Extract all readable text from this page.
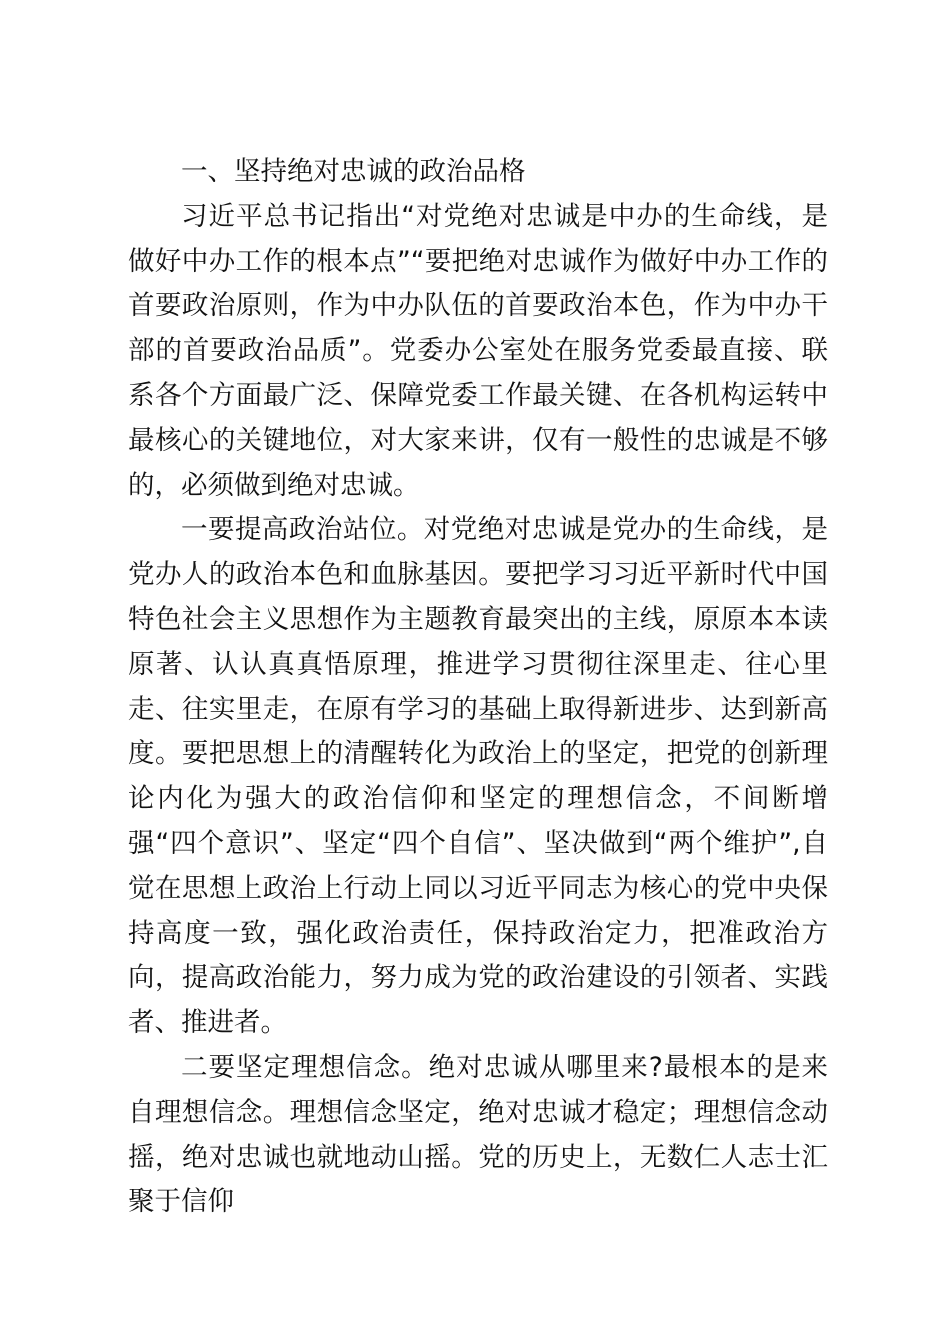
一、坚持绝对忠诚的政治品格

习近平总书记指出“对党绝对忠诚是中办的生命线，是做好中办工作的根本点”“要把绝对忠诚作为做好中办工作的首要政治原则，作为中办队伍的首要政治本色，作为中办干部的首要政治品质”。党委办公室处在服务党委最直接、联系各个方面最广泛、保障党委工作最关键、在各机构运转中最核心的关键地位，对大家来讲，仅有一般性的忠诚是不够的，必须做到绝对忠诚。

一要提高政治站位。对党绝对忠诚是党办的生命线，是党办人的政治本色和血脉基因。要把学习习近平新时代中国特色社会主义思想作为主题教育最突出的主线，原原本本读原著、认认真真悟原理，推进学习贯彻往深里走、往心里走、往实里走，在原有学习的基础上取得新进步、达到新高度。要把思想上的清醒转化为政治上的坚定，把党的创新理论内化为强大的政治信仰和坚定的理想信念，不间断增强“四个意识”、坚定“四个自信”、坚决做到“两个维护”,自觉在思想上政治上行动上同以习近平同志为核心的党中央保持高度一致，强化政治责任，保持政治定力，把准政治方向，提高政治能力，努力成为党的政治建设的引领者、实践者、推进者。

二要坚定理想信念。绝对忠诚从哪里来?最根本的是来自理想信念。理想信念坚定，绝对忠诚才稳定；理想信念动摇，绝对忠诚也就地动山摇。党的历史上，无数仁人志士汇聚于信仰
